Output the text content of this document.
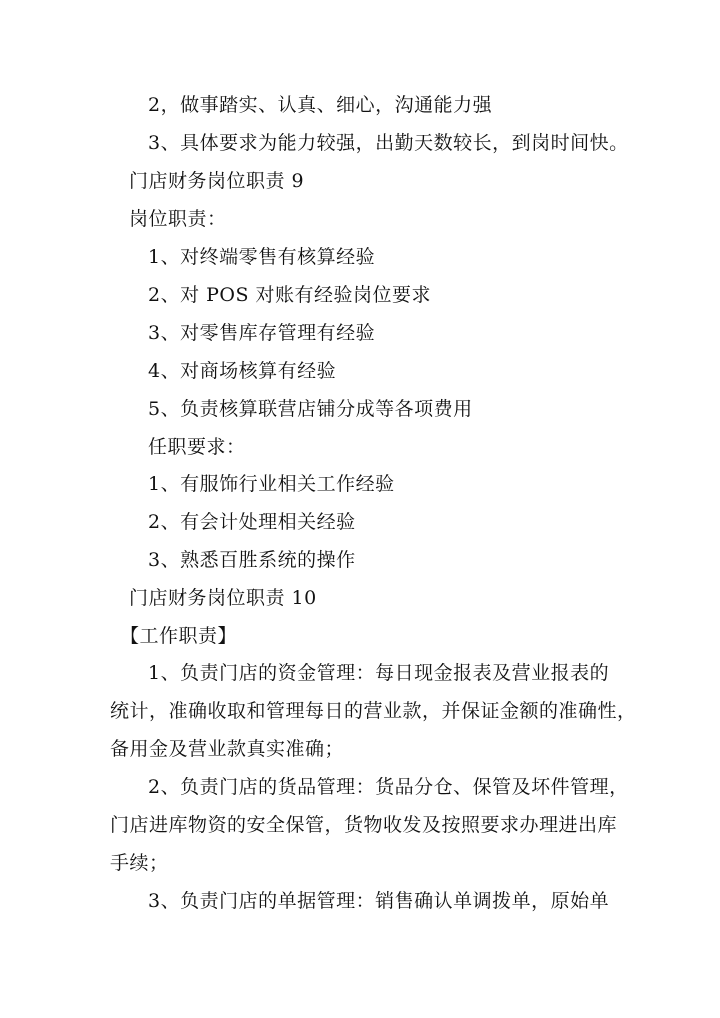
2，做事踏实、认真、细心，沟通能力强
3、具体要求为能力较强，出勤天数较长，到岗时间快。
门店财务岗位职责 9
岗位职责：
1、对终端零售有核算经验
2、对 POS 对账有经验岗位要求
3、对零售库存管理有经验
4、对商场核算有经验
5、负责核算联营店铺分成等各项费用
任职要求：
1、有服饰行业相关工作经验
2、有会计处理相关经验
3、熟悉百胜系统的操作
门店财务岗位职责 10
【工作职责】
1、负责门店的资金管理：每日现金报表及营业报表的
统计，准确收取和管理每日的营业款，并保证金额的准确性，
备用金及营业款真实准确；
2、负责门店的货品管理：货品分仓、保管及坏件管理，
门店进库物资的安全保管，货物收发及按照要求办理进出库
手续；
3、负责门店的单据管理：销售确认单调拨单，原始单
